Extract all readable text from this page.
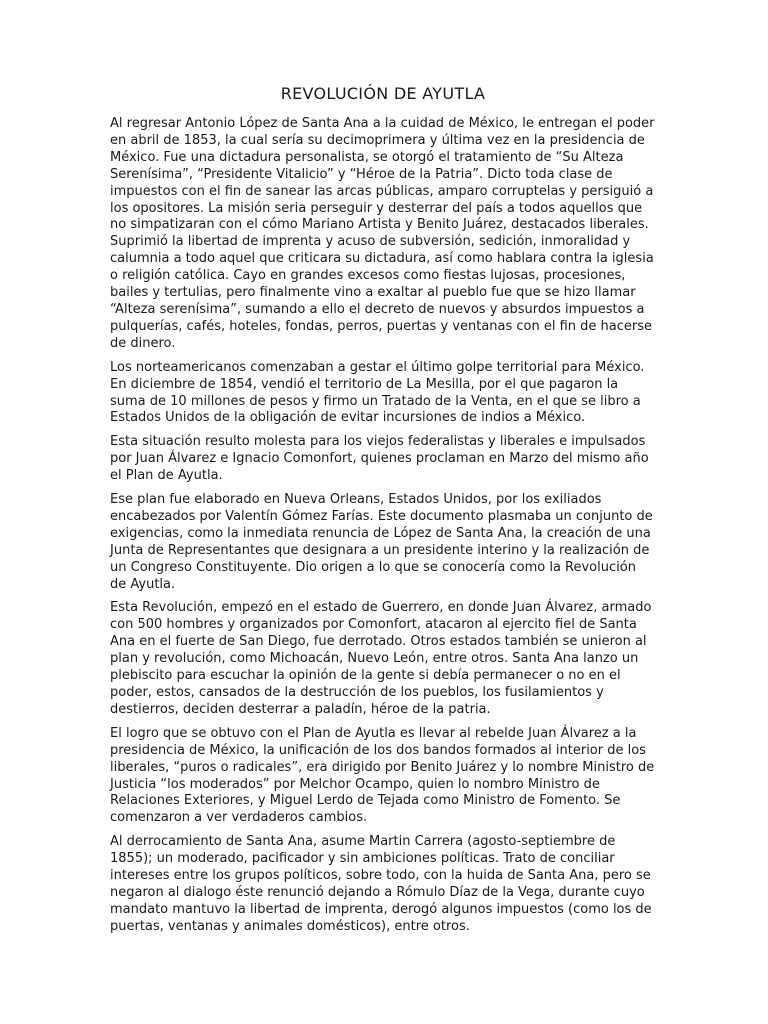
REVOLUCIÓN DE AYUTLA

Al regresar Antonio López de Santa Ana a la cuidad de México, le entregan el poder en abril de 1853, la cual sería su decimoprimera y última vez en la presidencia de México. Fue una dictadura personalista, se otorgó el tratamiento de “Su Alteza Serenísima”, “Presidente Vitalicio” y “Héroe de la Patria”. Dicto toda clase de impuestos con el fin de sanear las arcas públicas, amparo corruptelas y persiguió a los opositores. La misión seria perseguir y desterrar del país a todos aquellos que no simpatizaran con el cómo Mariano Artista y Benito Juárez, destacados liberales. Suprimió la libertad de imprenta y acuso de subversión, sedición, inmoralidad y calumnia a todo aquel que criticara su dictadura, así como hablara contra la iglesia o religión católica. Cayo en grandes excesos como fiestas lujosas, procesiones, bailes y tertulias, pero finalmente vino a exaltar al pueblo fue que se hizo llamar “Alteza serenísima”, sumando a ello el decreto de nuevos y absurdos impuestos a pulquerías, cafés, hoteles, fondas, perros, puertas y ventanas con el fin de hacerse de dinero.

Los norteamericanos comenzaban a gestar el último golpe territorial para México. En diciembre de 1854, vendió el territorio de La Mesilla, por el que pagaron la suma de 10 millones de pesos y firmo un Tratado de la Venta, en el que se libro a Estados Unidos de la obligación de evitar incursiones de indios a México.

Esta situación resulto molesta para los viejos federalistas y liberales e impulsados por Juan Álvarez e Ignacio Comonfort, quienes proclaman en Marzo del mismo año el Plan de Ayutla.

Ese plan fue elaborado en Nueva Orleans, Estados Unidos, por los exiliados encabezados por Valentín Gómez Farías. Este documento plasmaba un conjunto de exigencias, como la inmediata renuncia de López de Santa Ana, la creación de una Junta de Representantes que designara a un presidente interino y la realización de un Congreso Constituyente. Dio origen a lo que se conocería como la Revolución de Ayutla.

Esta Revolución, empezó en el estado de Guerrero, en donde Juan Álvarez, armado con 500 hombres y organizados por Comonfort, atacaron al ejercito fiel de Santa Ana en el fuerte de San Diego, fue derrotado. Otros estados también se unieron al plan y revolución, como Michoacán, Nuevo León, entre otros. Santa Ana lanzo un plebiscito para escuchar la opinión de la gente si debía permanecer o no en el poder, estos, cansados de la destrucción de los pueblos, los fusilamientos y destierros, deciden desterrar a paladín, héroe de la patria.

El logro que se obtuvo con el Plan de Ayutla es llevar al rebelde Juan Álvarez a la presidencia de México, la unificación de los dos bandos formados al interior de los liberales, “puros o radicales”, era dirigido por Benito Juárez y lo nombre Ministro de Justicia “los moderados” por Melchor Ocampo, quien lo nombro Ministro de Relaciones Exteriores, y Miguel Lerdo de Tejada como Ministro de Fomento. Se comenzaron a ver verdaderos cambios.

Al derrocamiento de Santa Ana, asume Martin Carrera (agosto-septiembre de 1855); un moderado, pacificador y sin ambiciones políticas. Trato de conciliar intereses entre los grupos políticos, sobre todo, con la huida de Santa Ana, pero se negaron al dialogo éste renunció dejando a Rómulo Díaz de la Vega, durante cuyo mandato mantuvo la libertad de imprenta, derogó algunos impuestos (como los de puertas, ventanas y animales domésticos), entre otros.
